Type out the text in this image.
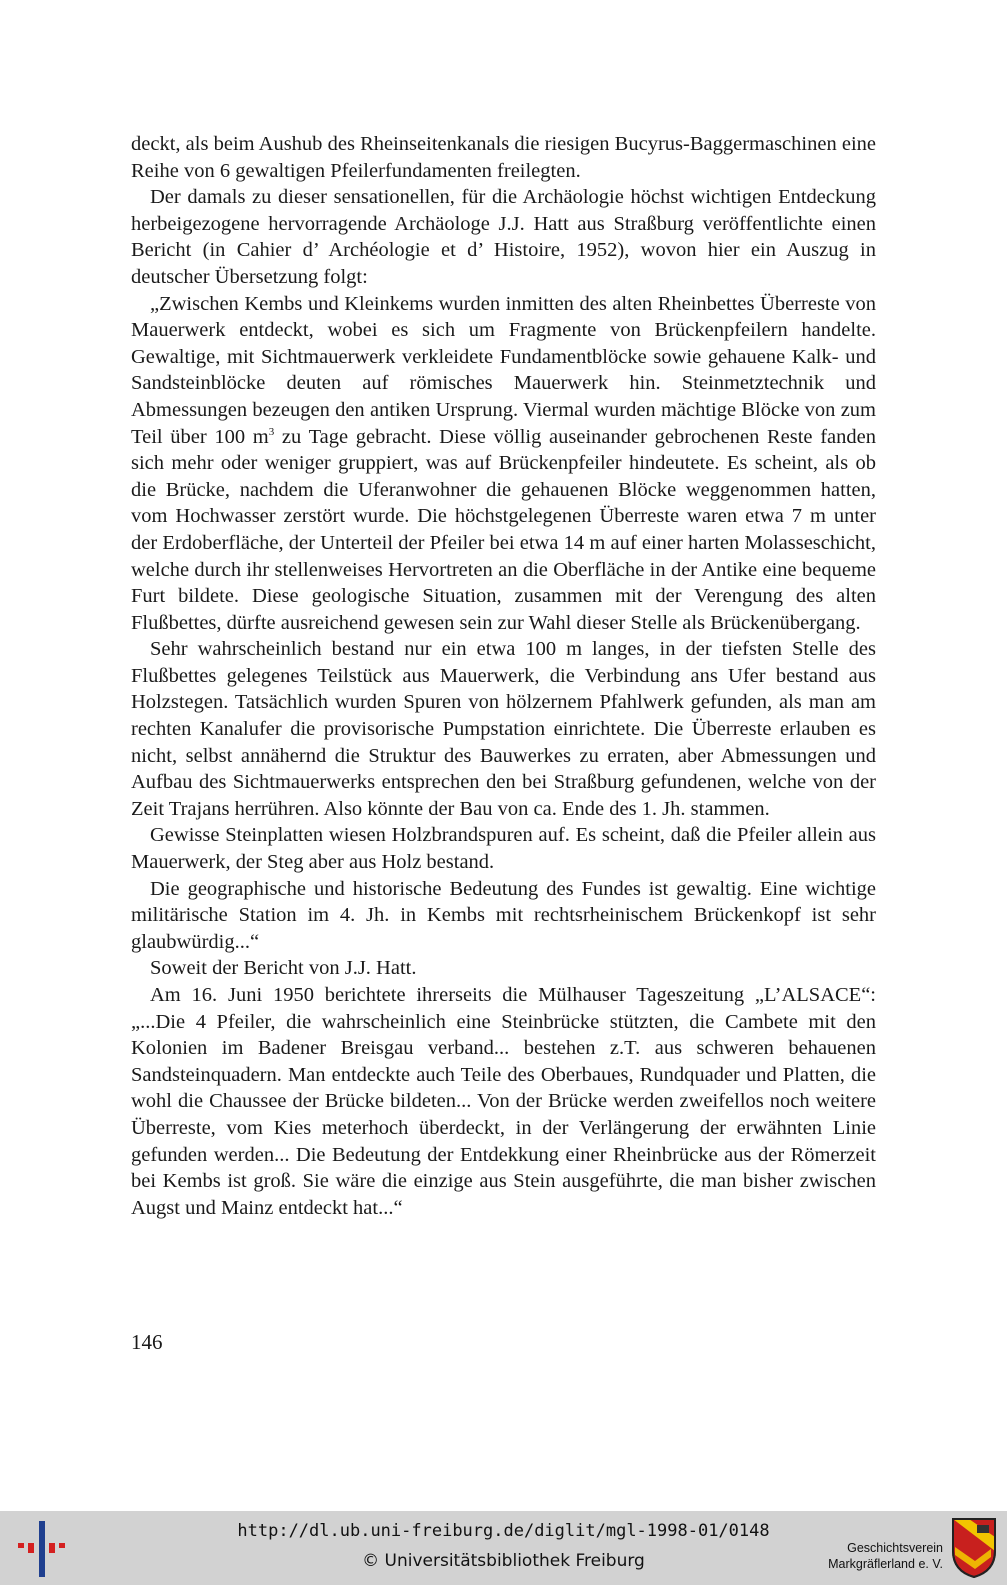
deckt, als beim Aushub des Rheinseitenkanals die riesigen Bucyrus-Baggermaschinen eine Reihe von 6 gewaltigen Pfeilerfundamenten freilegten.

Der damals zu dieser sensationellen, für die Archäologie höchst wichtigen Entdeckung herbeigezogene hervorragende Archäologe J.J. Hatt aus Straßburg veröffentlichte einen Bericht (in Cahier d’ Archéologie et d’ Histoire, 1952), wovon hier ein Auszug in deutscher Übersetzung folgt:

„Zwischen Kembs und Kleinkems wurden inmitten des alten Rheinbettes Überreste von Mauerwerk entdeckt, wobei es sich um Fragmente von Brückenpfeilern handelte. Gewaltige, mit Sichtmauerwerk verkleidete Fundamentblöcke sowie gehauene Kalk- und Sandsteinblöcke deuten auf römisches Mauerwerk hin. Steinmetztechnik und Abmessungen bezeugen den antiken Ursprung. Viermal wurden mächtige Blöcke von zum Teil über 100 $m^3$ zu Tage gebracht. Diese völlig auseinander gebrochenen Reste fanden sich mehr oder weniger gruppiert, was auf Brückenpfeiler hindeutete. Es scheint, als ob die Brücke, nachdem die Uferanwohner die gehauenen Blöcke weggenommen hatten, vom Hochwasser zerstört wurde. Die höchstgelegenen Überreste waren etwa 7 m unter der Erdoberfläche, der Unterteil der Pfeiler bei etwa 14 m auf einer harten Molasseschicht, welche durch ihr stellenweises Hervortreten an die Oberfläche in der Antike eine bequeme Furt bildete. Diese geologische Situation, zusammen mit der Verengung des alten Flußbettes, dürfte ausreichend gewesen sein zur Wahl dieser Stelle als Brückenübergang.

Sehr wahrscheinlich bestand nur ein etwa 100 m langes, in der tiefsten Stelle des Flußbettes gelegenes Teilstück aus Mauerwerk, die Verbindung ans Ufer bestand aus Holzstegen. Tatsächlich wurden Spuren von hölzernem Pfahlwerk gefunden, als man am rechten Kanalufer die provisorische Pumpstation einrichtete. Die Überreste erlauben es nicht, selbst annähernd die Struktur des Bauwerkes zu erraten, aber Abmessungen und Aufbau des Sichtmauerwerks entsprechen den bei Straßburg gefundenen, welche von der Zeit Trajans herrühren. Also könnte der Bau von ca. Ende des 1. Jh. stammen.

Gewisse Steinplatten wiesen Holzbrandspuren auf. Es scheint, daß die Pfeiler allein aus Mauerwerk, der Steg aber aus Holz bestand.

Die geographische und historische Bedeutung des Fundes ist gewaltig. Eine wichtige militärische Station im 4. Jh. in Kembs mit rechtsrheinischem Brückenkopf ist sehr glaubwürdig...“

Soweit der Bericht von J.J. Hatt.

Am 16. Juni 1950 berichtete ihrerseits die Mülhauser Tageszeitung „L’ALSACE“: „...Die 4 Pfeiler, die wahrscheinlich eine Steinbrücke stützten, die Cambete mit den Kolonien im Badener Breisgau verband... bestehen z.T. aus schweren behauenen Sandsteinquadern. Man entdeckte auch Teile des Oberbaues, Rundquader und Platten, die wohl die Chaussee der Brücke bildeten... Von der Brücke werden zweifellos noch weitere Überreste, vom Kies meterhoch überdeckt, in der Verlängerung der erwähnten Linie gefunden werden... Die Bedeutung der Entdekkung einer Rheinbrücke aus der Römerzeit bei Kembs ist groß. Sie wäre die einzige aus Stein ausgeführte, die man bisher zwischen Augst und Mainz entdeckt hat...“

146
http://dl.ub.uni-freiburg.de/diglit/mgl-1998-01/0148
© Universitätsbibliothek Freiburg
Geschichtsverein
Markgräflerland e. V.
